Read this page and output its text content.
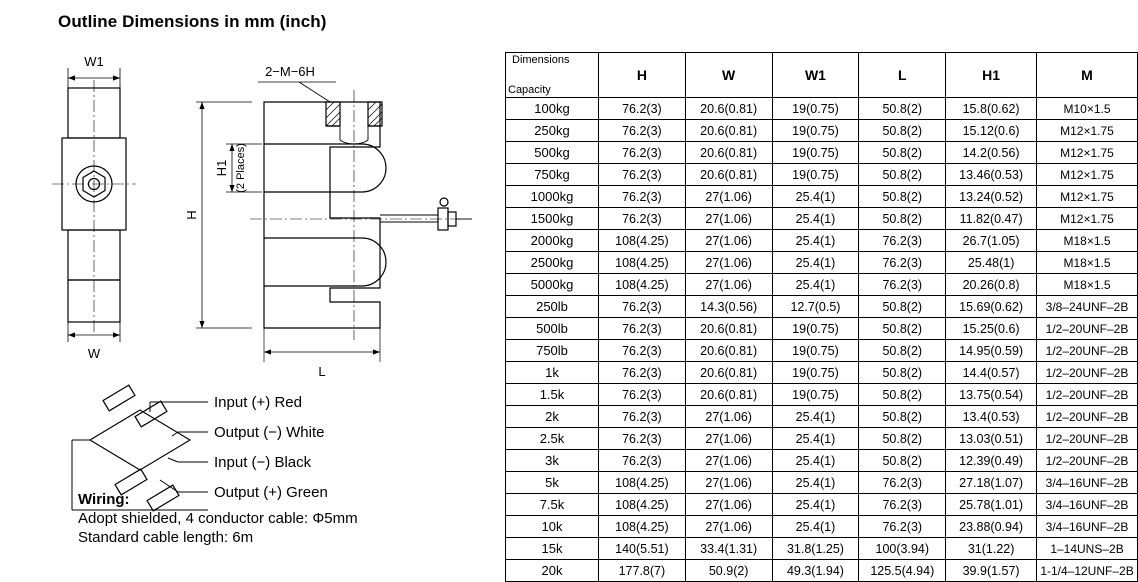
Outline Dimensions in mm (inch)
W1
W
L
2−M−6H
H
H1 (2 Places)
Input (+) Red
Output (−) White
Input (−) Black
Output (+) Green
Wiring:
Adopt shielded, 4 conductor cable: Φ5mm
Standard cable length: 6m
Dimensions
Capacity	H	W	W1	L	H1	M
100kg	76.2(3)	20.6(0.81)	19(0.75)	50.8(2)	15.8(0.62)	M10×1.5
250kg	76.2(3)	20.6(0.81)	19(0.75)	50.8(2)	15.12(0.6)	M12×1.75
500kg	76.2(3)	20.6(0.81)	19(0.75)	50.8(2)	14.2(0.56)	M12×1.75
750kg	76.2(3)	20.6(0.81)	19(0.75)	50.8(2)	13.46(0.53)	M12×1.75
1000kg	76.2(3)	27(1.06)	25.4(1)	50.8(2)	13.24(0.52)	M12×1.75
1500kg	76.2(3)	27(1.06)	25.4(1)	50.8(2)	11.82(0.47)	M12×1.75
2000kg	108(4.25)	27(1.06)	25.4(1)	76.2(3)	26.7(1.05)	M18×1.5
2500kg	108(4.25)	27(1.06)	25.4(1)	76.2(3)	25.48(1)	M18×1.5
5000kg	108(4.25)	27(1.06)	25.4(1)	76.2(3)	20.26(0.8)	M18×1.5
250lb	76.2(3)	14.3(0.56)	12.7(0.5)	50.8(2)	15.69(0.62)	3/8–24UNF–2B
500lb	76.2(3)	20.6(0.81)	19(0.75)	50.8(2)	15.25(0.6)	1/2–20UNF–2B
750lb	76.2(3)	20.6(0.81)	19(0.75)	50.8(2)	14.95(0.59)	1/2–20UNF–2B
1k	76.2(3)	20.6(0.81)	19(0.75)	50.8(2)	14.4(0.57)	1/2–20UNF–2B
1.5k	76.2(3)	20.6(0.81)	19(0.75)	50.8(2)	13.75(0.54)	1/2–20UNF–2B
2k	76.2(3)	27(1.06)	25.4(1)	50.8(2)	13.4(0.53)	1/2–20UNF–2B
2.5k	76.2(3)	27(1.06)	25.4(1)	50.8(2)	13.03(0.51)	1/2–20UNF–2B
3k	76.2(3)	27(1.06)	25.4(1)	50.8(2)	12.39(0.49)	1/2–20UNF–2B
5k	108(4.25)	27(1.06)	25.4(1)	76.2(3)	27.18(1.07)	3/4–16UNF–2B
7.5k	108(4.25)	27(1.06)	25.4(1)	76.2(3)	25.78(1.01)	3/4–16UNF–2B
10k	108(4.25)	27(1.06)	25.4(1)	76.2(3)	23.88(0.94)	3/4–16UNF–2B
15k	140(5.51)	33.4(1.31)	31.8(1.25)	100(3.94)	31(1.22)	1–14UNS–2B
20k	177.8(7)	50.9(2)	49.3(1.94)	125.5(4.94)	39.9(1.57)	1-1/4–12UNF–2B
